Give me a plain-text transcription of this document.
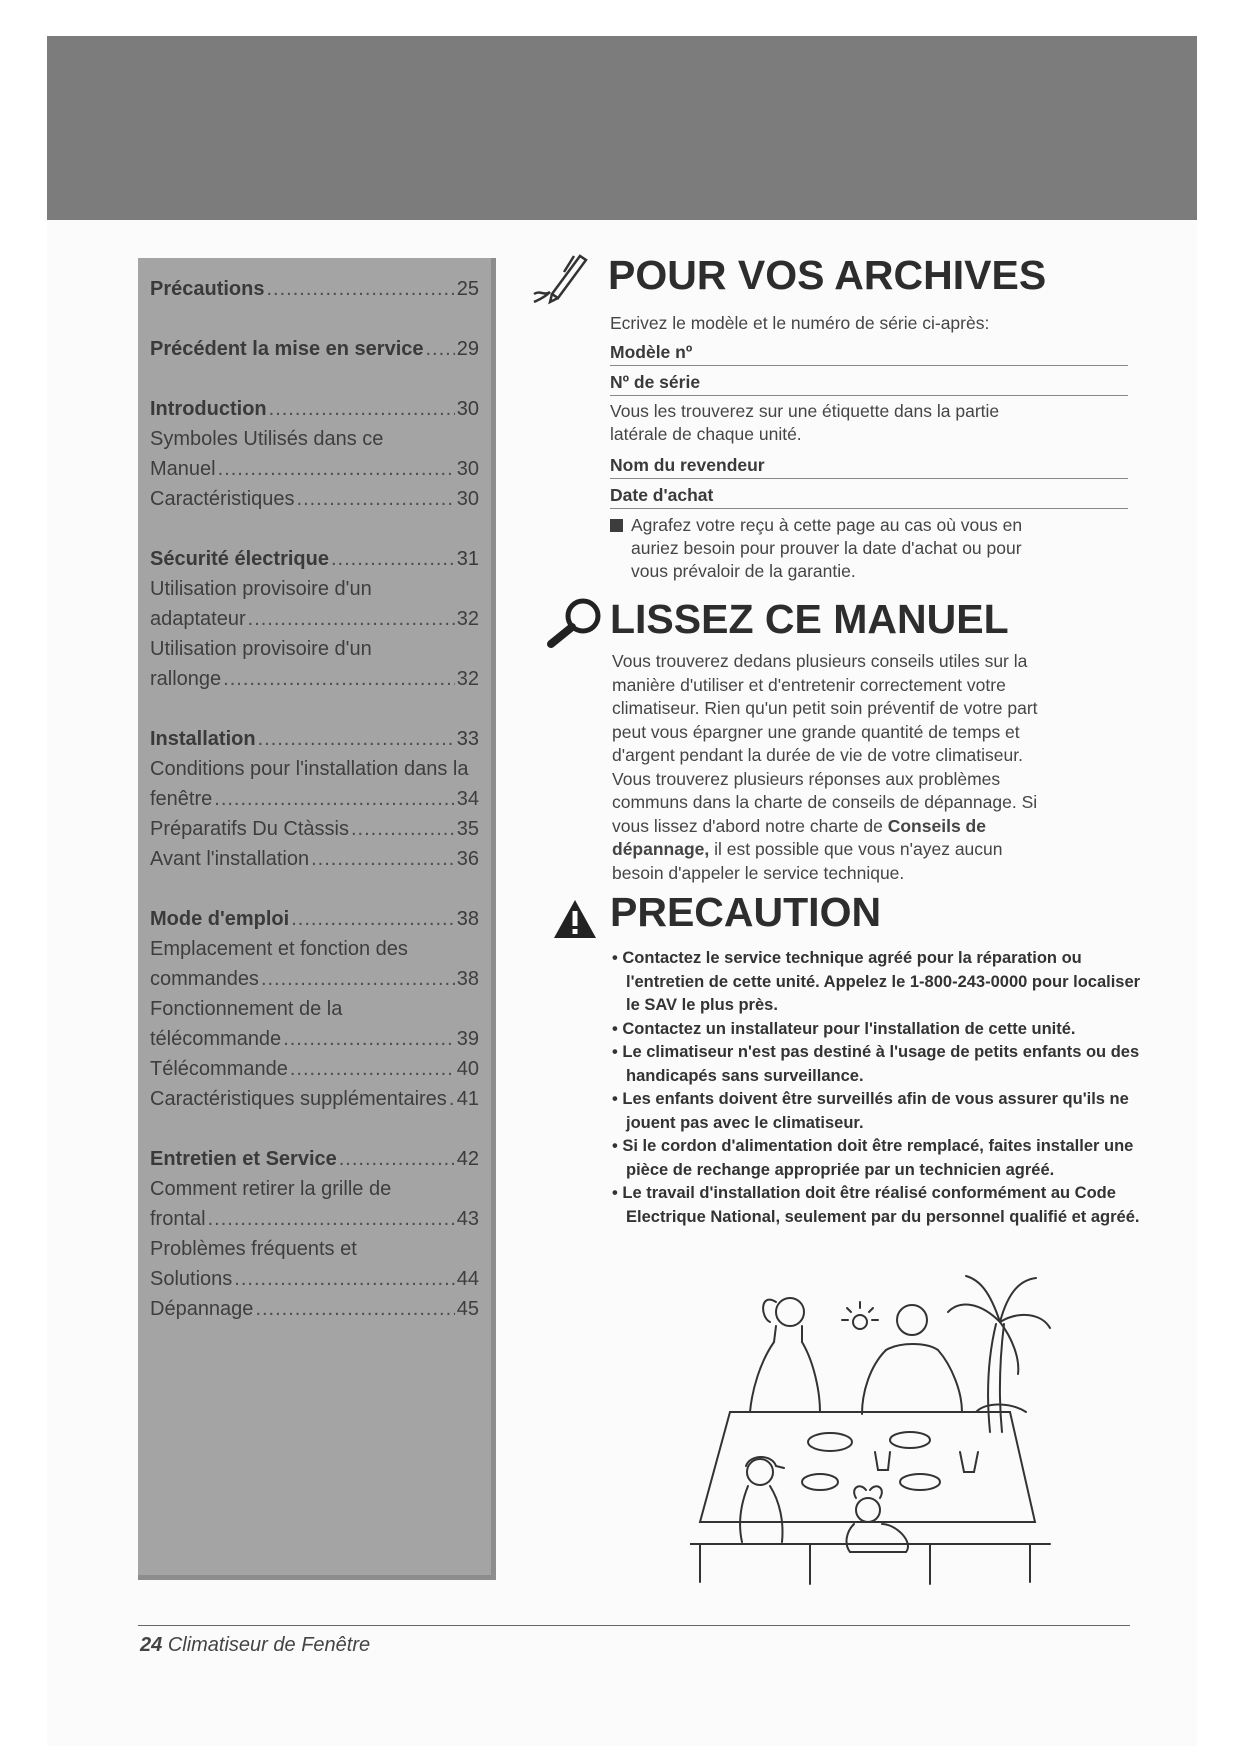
Précautions .....	25
Précédent la mise en service ..... 29
Introduction .....	30
Symboles Utilisés dans ce
Manuel .....	30
Caractéristiques .....	30
Sécurité électrique .....	31
Utilisation provisoire d'un
adaptateur .....	32
Utilisation provisoire d'un
rallonge .....	32
Installation .....	33
Conditions pour l'installation dans la
fenêtre .....	34
Préparatifs Du Ctàssis .....	35
Avant l'installation .....	36
Mode d'emploi .....	38
Emplacement et fonction des
commandes .....	38
Fonctionnement de la
télécommande .....	39
Télécommande .....	40
Caractéristiques supplémentaires ..... 41
Entretien et Service .....	42
Comment retirer la grille de
frontal .....	43
Problèmes fréquents et
Solutions .....	44
Dépannage .....	45
POUR VOS ARCHIVES
Ecrivez le modèle et le numéro de série ci-après:
Modèle nº
Nº de série
Vous les trouverez sur une étiquette dans la partie
latérale de chaque unité.
Nom du revendeur
Date d'achat
Agrafez votre reçu à cette page au cas où vous en
auriez besoin pour prouver la date d'achat ou pour
vous prévaloir de la garantie.
LISSEZ CE MANUEL
Vous trouverez dedans plusieurs conseils utiles sur la
manière d'utiliser et d'entretenir correctement votre
climatiseur. Rien qu'un petit soin préventif de votre part
peut vous épargner une grande quantité de temps et
d'argent pendant la durée de vie de votre climatiseur.
Vous trouverez plusieurs réponses aux problèmes
communs dans la charte de conseils de dépannage. Si
vous lissez d'abord notre charte de Conseils de
dépannage, il est possible que vous n'ayez aucun
besoin d'appeler le service technique.
PRECAUTION
• Contactez le service technique agréé pour la réparation ou l'entretien de cette unité. Appelez le 1-800-243-0000 pour localiser le SAV le plus près.
• Contactez un installateur pour l'installation de cette unité.
• Le climatiseur n'est pas destiné à l'usage de petits enfants ou des handicapés sans surveillance.
• Les enfants doivent être surveillés afin de vous assurer qu'ils ne jouent pas avec le climatiseur.
• Si le cordon d'alimentation doit être remplacé, faites installer une pièce de rechange appropriée par un technicien agréé.
• Le travail d'installation doit être réalisé conformément au Code Electrique National, seulement par du personnel qualifié et agréé.
24 Climatiseur de Fenêtre
